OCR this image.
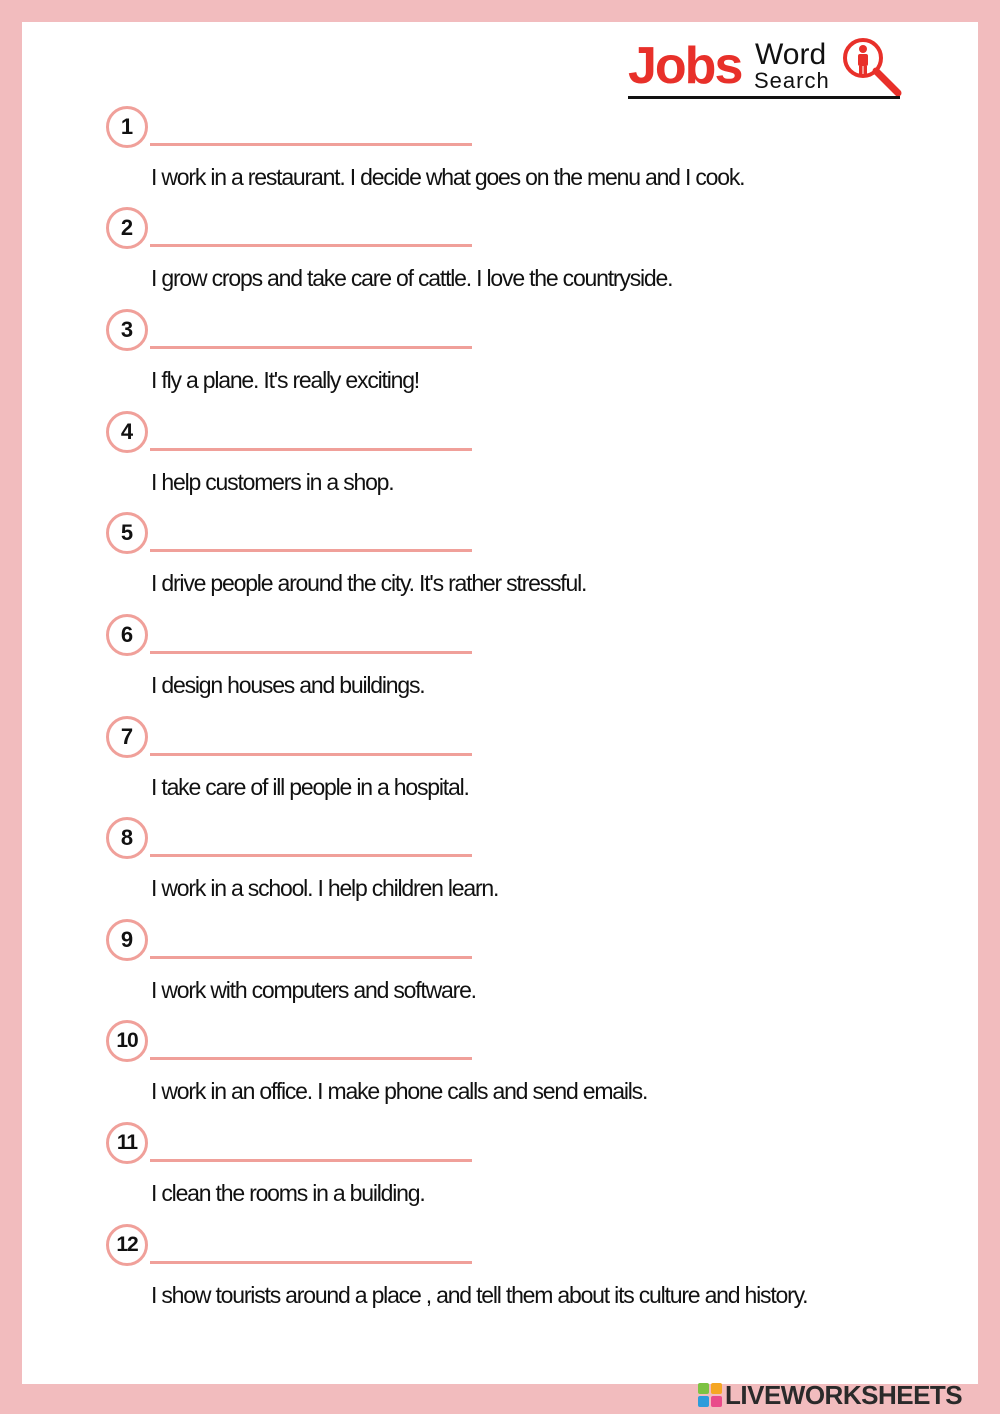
Jobs Word
Search
1
I work in a restaurant. I decide what goes on the menu and I cook.
2
I grow crops and take care of cattle. I love the countryside.
3
I fly a plane. It's really exciting!
4
I help customers in a shop.
5
I drive people around the city. It's rather stressful.
6
I design houses and buildings.
7
I take care of ill people in a hospital.
8
I work in a school. I help children learn.
9
I work with computers and software.
10
I work in an office. I make phone calls and send emails.
11
I clean the rooms in a building.
12
I show tourists around a place , and tell them about its culture and history.
LIVEWORKSHEETS
